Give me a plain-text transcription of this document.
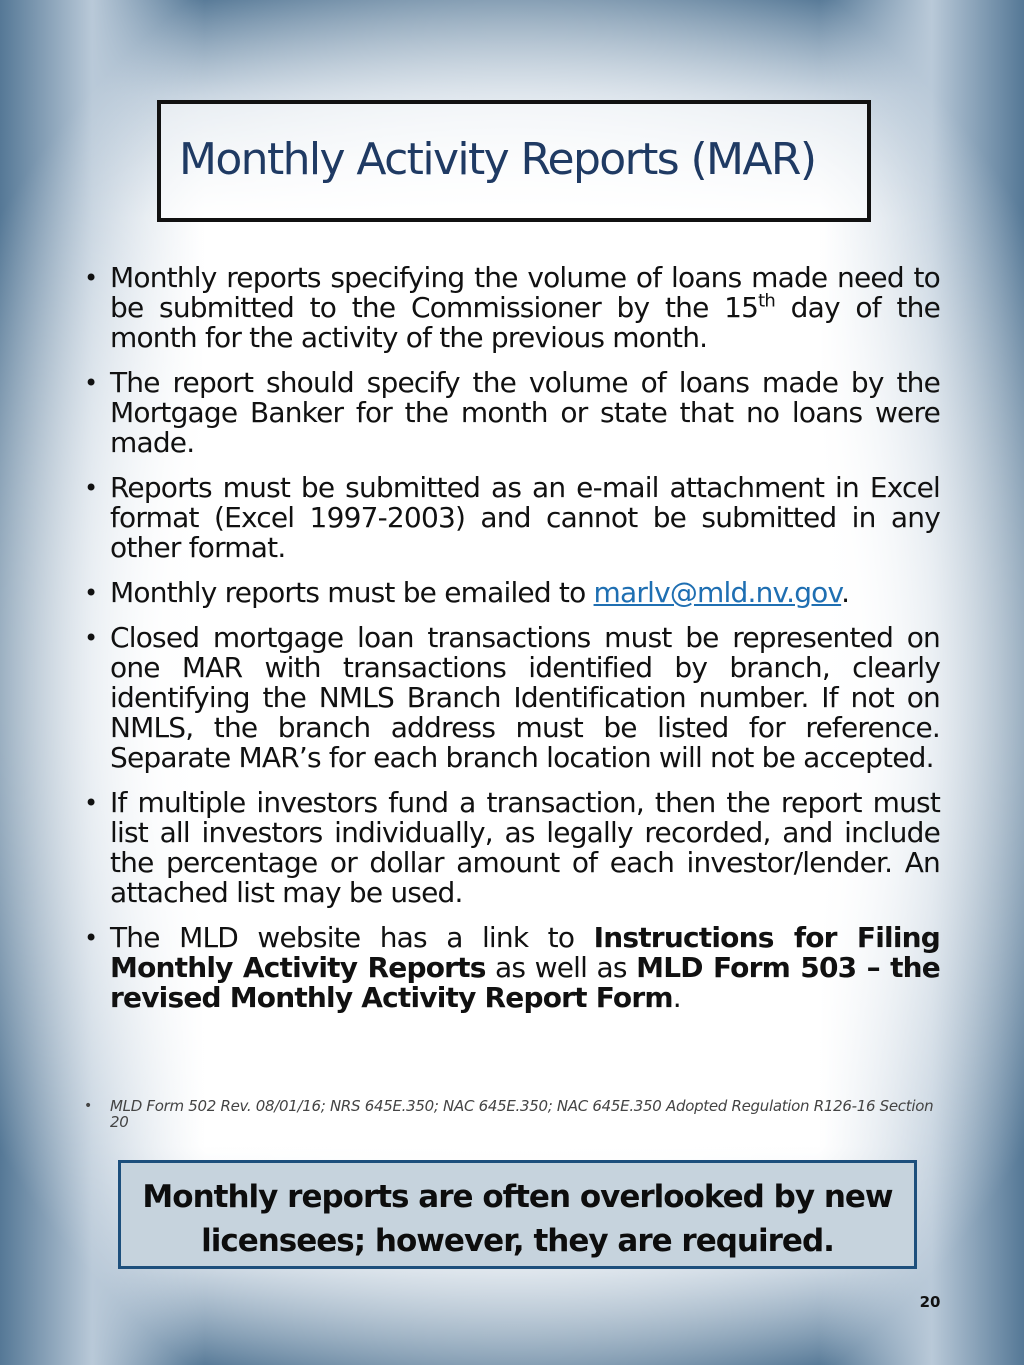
Monthly Activity Reports (MAR)
• Monthly reports specifying the volume of loans made need to be submitted to the Commissioner by the 15th day of the month for the activity of the previous month.
• The report should specify the volume of loans made by the Mortgage Banker for the month or state that no loans were made.
• Reports must be submitted as an e-mail attachment in Excel format (Excel 1997-2003) and cannot be submitted in any other format.
• Monthly reports must be emailed to marlv@mld.nv.gov.
• Closed mortgage loan transactions must be represented on one MAR with transactions identified by branch, clearly identifying the NMLS Branch Identification number. If not on NMLS, the branch address must be listed for reference. Separate MAR’s for each branch location will not be accepted.
• If multiple investors fund a transaction, then the report must list all investors individually, as legally recorded, and include the percentage or dollar amount of each investor/lender. An attached list may be used.
• The MLD website has a link to Instructions for Filing Monthly Activity Reports as well as MLD Form 503 – the revised Monthly Activity Report Form.
• MLD Form 502 Rev. 08/01/16; NRS 645E.350; NAC 645E.350; NAC 645E.350 Adopted Regulation R126-16 Section 20
Monthly reports are often overlooked by new
licensees; however, they are required.
20
